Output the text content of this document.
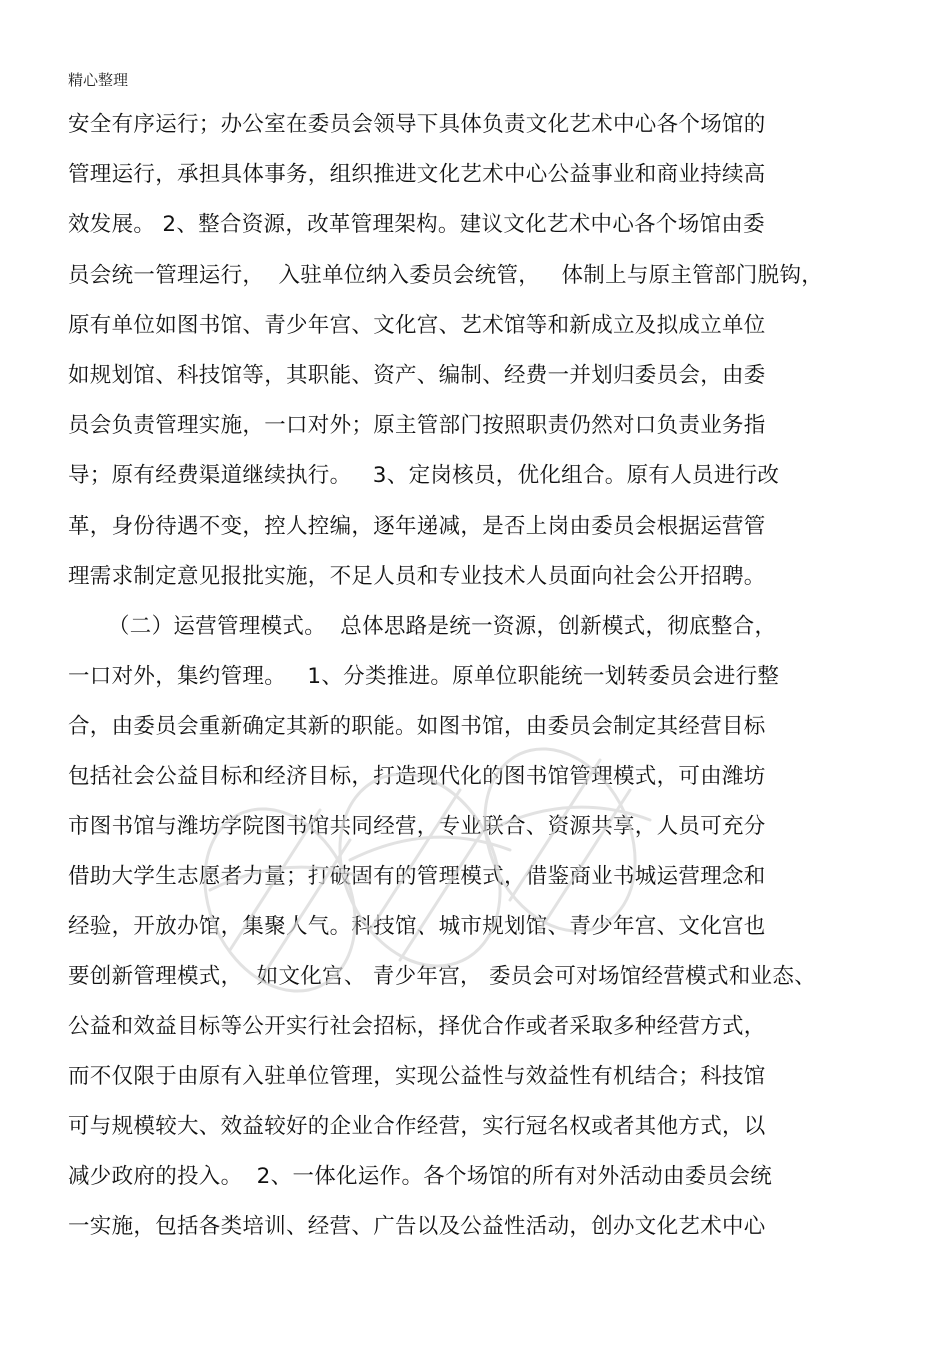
精心整理
安全有序运行；办公室在委员会领导下具体负责文化艺术中心各个场馆的
管理运行，承担具体事务，组织推进文化艺术中心公益事业和商业持续高
效发展。 2、整合资源，改革管理架构。建议文化艺术中心各个场馆由委
员会统一管理运行，  入驻单位纳入委员会统管，   体制上与原主管部门脱钩，
原有单位如图书馆、青少年宫、文化宫、艺术馆等和新成立及拟成立单位
如规划馆、科技馆等，其职能、资产、编制、经费一并划归委员会，由委
员会负责管理实施，一口对外；原主管部门按照职责仍然对口负责业务指
导；原有经费渠道继续执行。   3、定岗核员，优化组合。原有人员进行改
革，身份待遇不变，控人控编，逐年递减，是否上岗由委员会根据运营管
理需求制定意见报批实施，不足人员和专业技术人员面向社会公开招聘。
（二）运营管理模式。  总体思路是统一资源，创新模式，彻底整合，
一口对外，集约管理。   1、分类推进。原单位职能统一划转委员会进行整
合，由委员会重新确定其新的职能。如图书馆，由委员会制定其经营目标
包括社会公益目标和经济目标，打造现代化的图书馆管理模式，可由潍坊
市图书馆与潍坊学院图书馆共同经营，专业联合、资源共享，人员可充分
借助大学生志愿者力量；打破固有的管理模式，借鉴商业书城运营理念和
经验，开放办馆，集聚人气。科技馆、城市规划馆、青少年宫、文化宫也
要创新管理模式，  如文化宫、 青少年宫， 委员会可对场馆经营模式和业态、
公益和效益目标等公开实行社会招标，择优合作或者采取多种经营方式，
而不仅限于由原有入驻单位管理，实现公益性与效益性有机结合；科技馆
可与规模较大、效益较好的企业合作经营，实行冠名权或者其他方式，以
减少政府的投入。  2、一体化运作。各个场馆的所有对外活动由委员会统
一实施，包括各类培训、经营、广告以及公益性活动，创办文化艺术中心
